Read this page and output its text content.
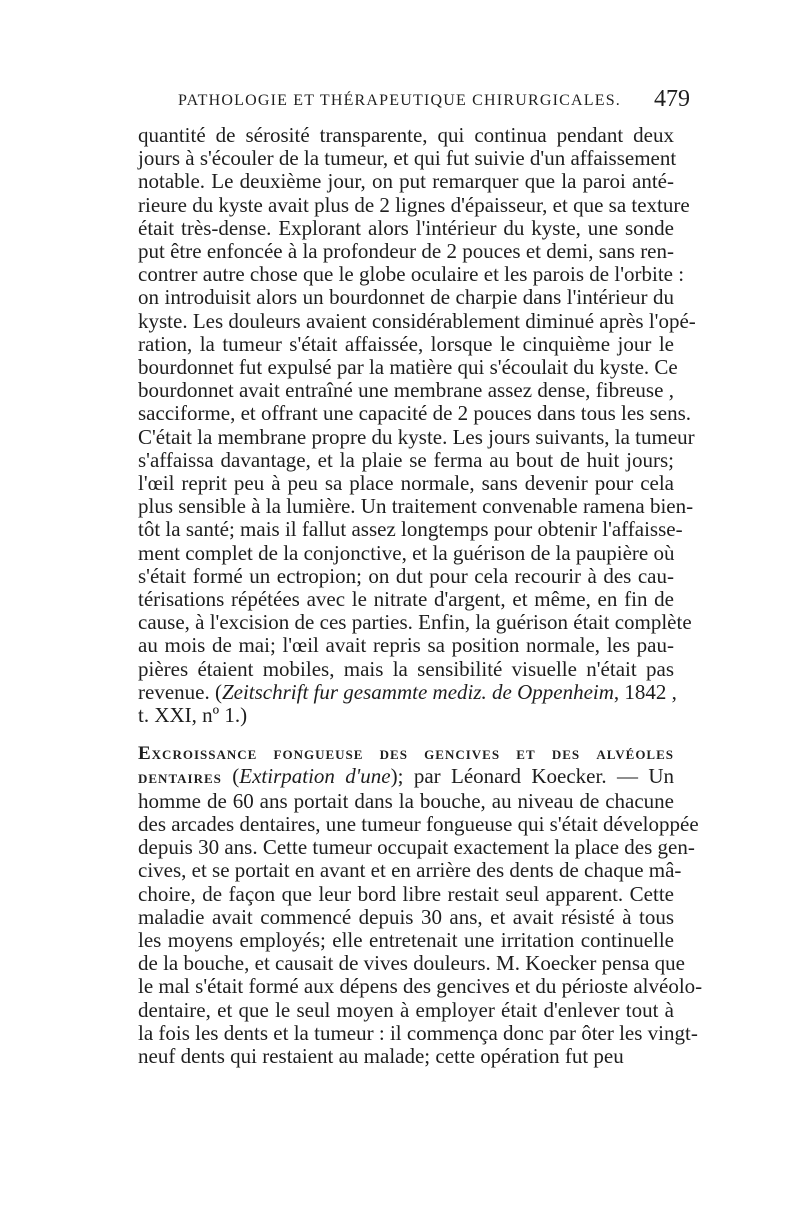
PATHOLOGIE ET THÉRAPEUTIQUE CHIRURGICALES. 479
quantité de sérosité transparente, qui continua pendant deux
jours à s'écouler de la tumeur, et qui fut suivie d'un affaissement
notable. Le deuxième jour, on put remarquer que la paroi anté-
rieure du kyste avait plus de 2 lignes d'épaisseur, et que sa texture
était très-dense. Explorant alors l'intérieur du kyste, une sonde
put être enfoncée à la profondeur de 2 pouces et demi, sans ren-
contrer autre chose que le globe oculaire et les parois de l'orbite :
on introduisit alors un bourdonnet de charpie dans l'intérieur du
kyste. Les douleurs avaient considérablement diminué après l'opé-
ration, la tumeur s'était affaissée, lorsque le cinquième jour le
bourdonnet fut expulsé par la matière qui s'écoulait du kyste. Ce
bourdonnet avait entraîné une membrane assez dense, fibreuse ,
sacciforme, et offrant une capacité de 2 pouces dans tous les sens.
C'était la membrane propre du kyste. Les jours suivants, la tumeur
s'affaissa davantage, et la plaie se ferma au bout de huit jours;
l'œil reprit peu à peu sa place normale, sans devenir pour cela
plus sensible à la lumière. Un traitement convenable ramena bien-
tôt la santé; mais il fallut assez longtemps pour obtenir l'affaisse-
ment complet de la conjonctive, et la guérison de la paupière où
s'était formé un ectropion; on dut pour cela recourir à des cau-
térisations répétées avec le nitrate d'argent, et même, en fin de
cause, à l'excision de ces parties. Enfin, la guérison était complète
au mois de mai; l'œil avait repris sa position normale, les pau-
pières étaient mobiles, mais la sensibilité visuelle n'était pas
revenue. (Zeitschrift fur gesammte mediz. de Oppenheim, 1842 ,
t. XXI, nº 1.)
Excroissance fongueuse des gencives et des alvéoles
dentaires (Extirpation d'une); par Léonard Koecker. — Un
homme de 60 ans portait dans la bouche, au niveau de chacune
des arcades dentaires, une tumeur fongueuse qui s'était développée
depuis 30 ans. Cette tumeur occupait exactement la place des gen-
cives, et se portait en avant et en arrière des dents de chaque mâ-
choire, de façon que leur bord libre restait seul apparent. Cette
maladie avait commencé depuis 30 ans, et avait résisté à tous
les moyens employés; elle entretenait une irritation continuelle
de la bouche, et causait de vives douleurs. M. Koecker pensa que
le mal s'était formé aux dépens des gencives et du périoste alvéolo-
dentaire, et que le seul moyen à employer était d'enlever tout à
la fois les dents et la tumeur : il commença donc par ôter les vingt-
neuf dents qui restaient au malade; cette opération fut peu
